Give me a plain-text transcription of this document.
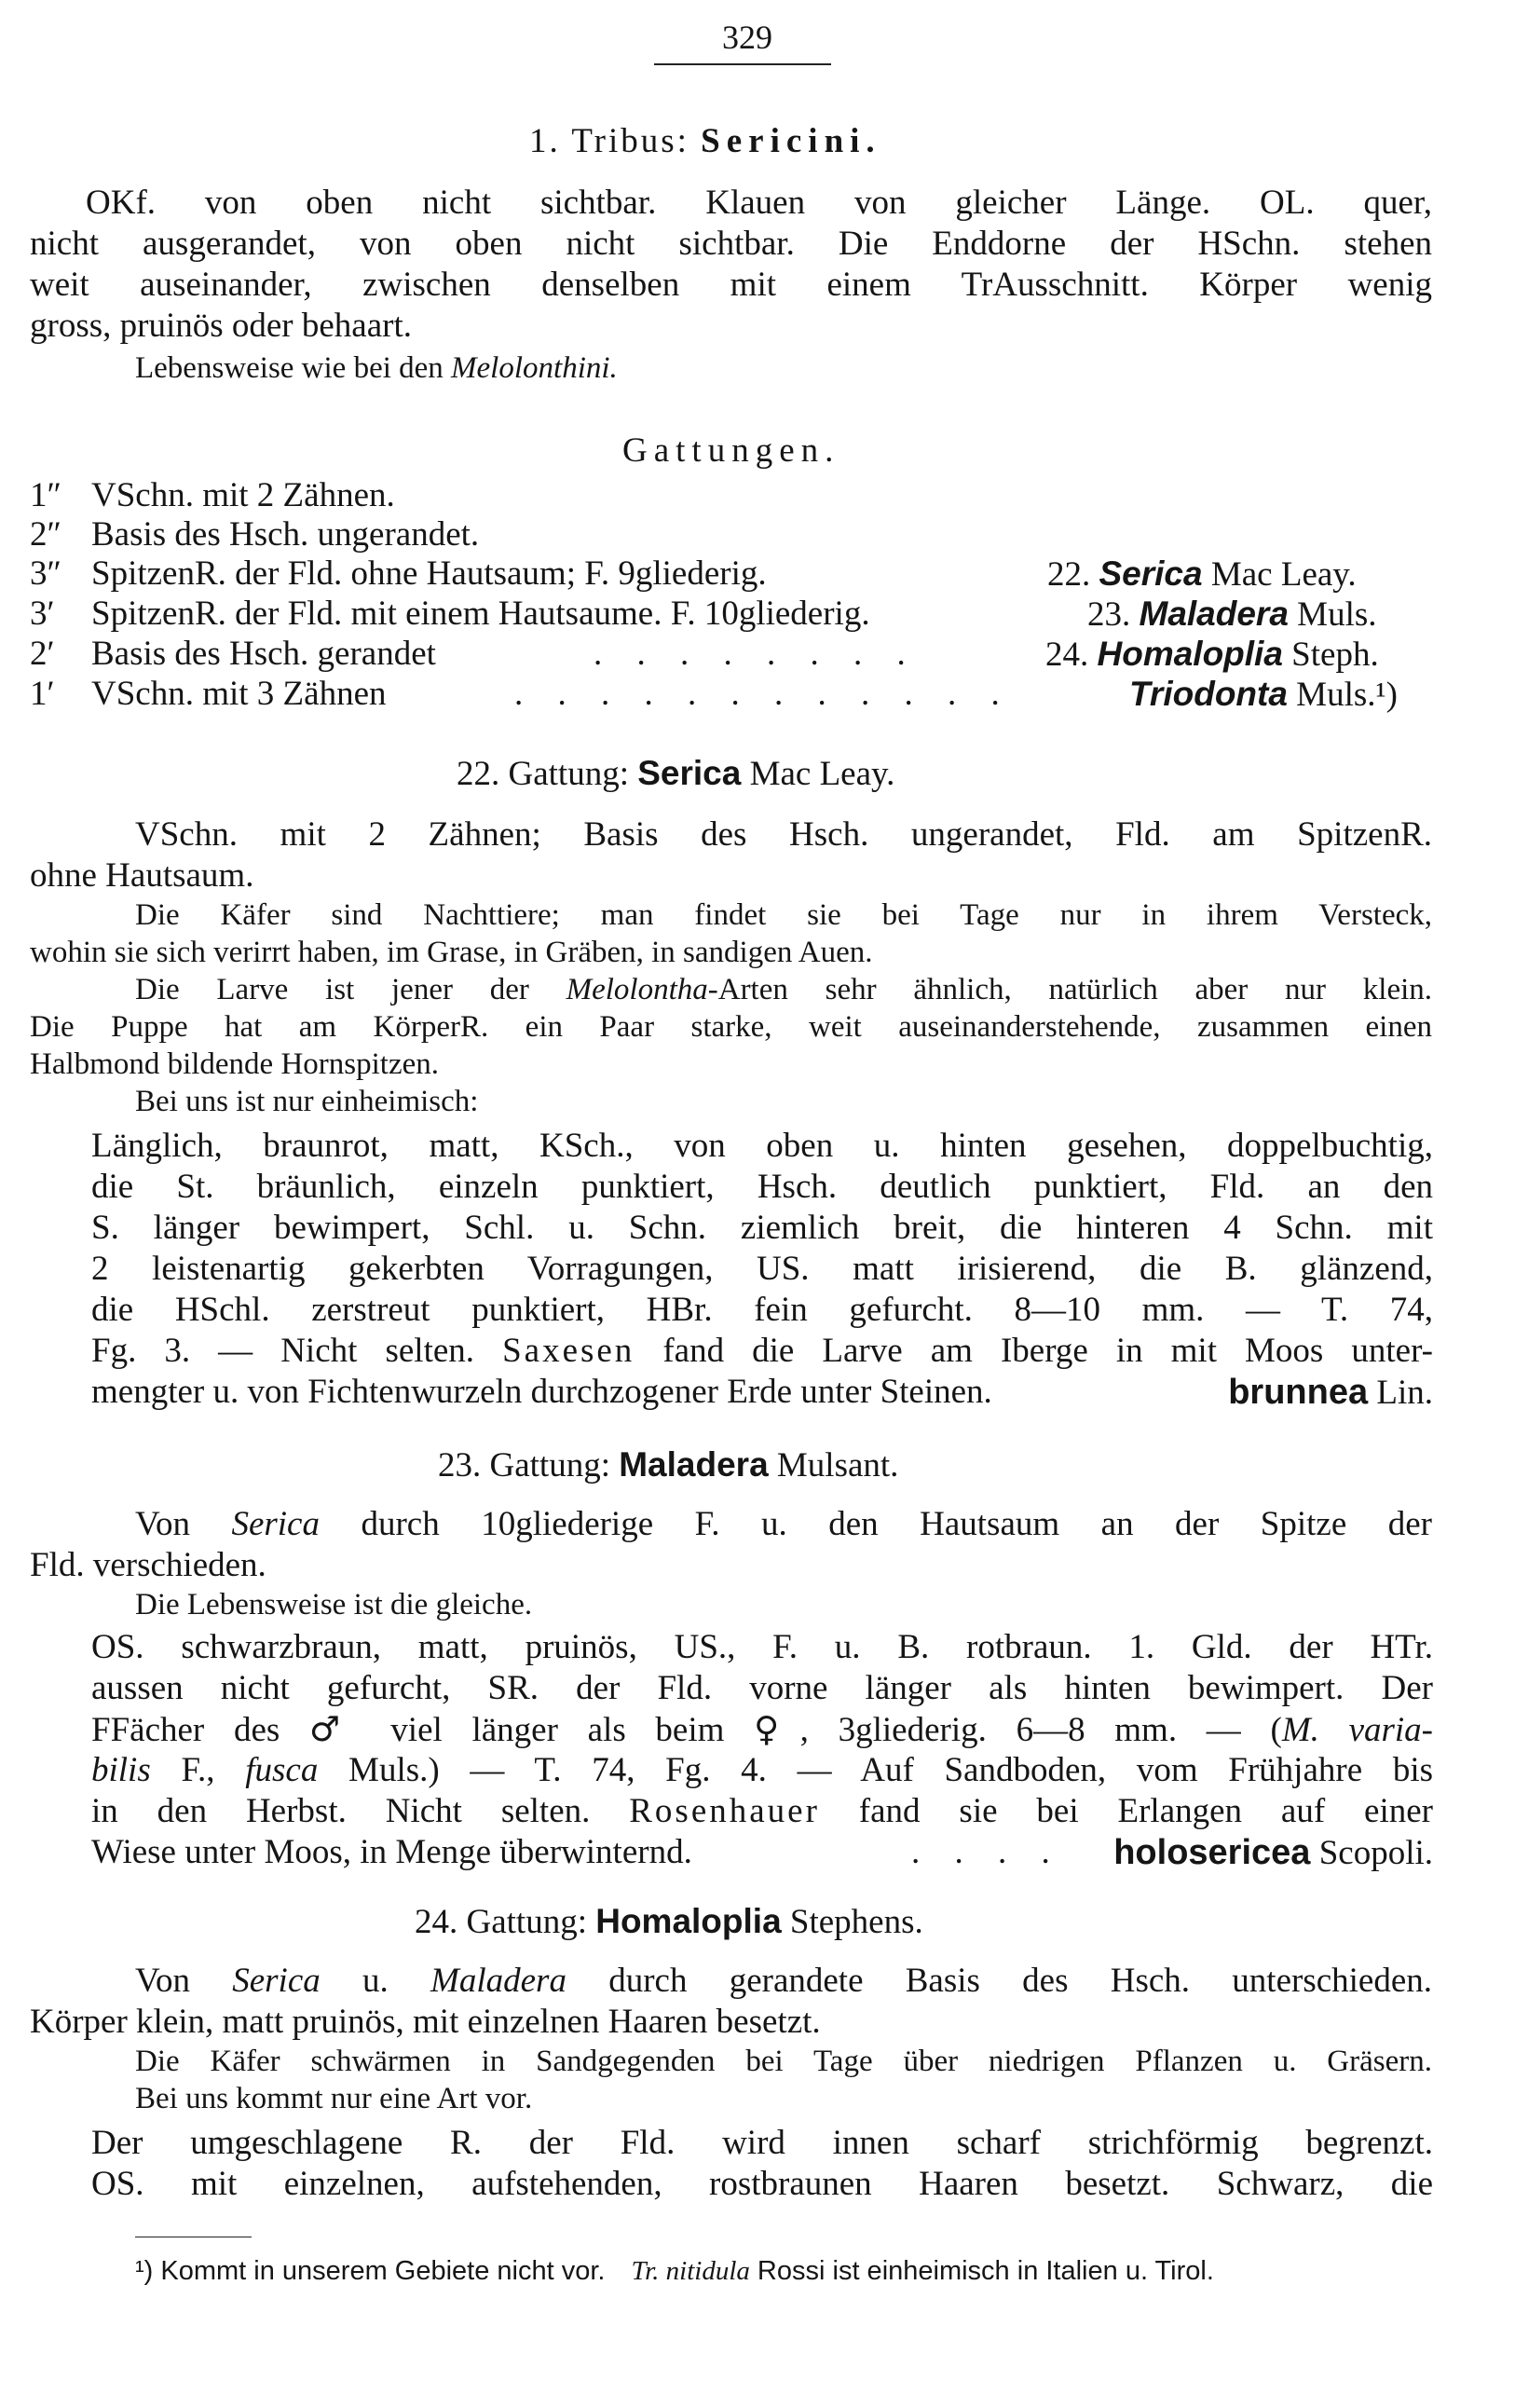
329
1. Tribus: Sericini.
OKf. von oben nicht sichtbar. Klauen von gleicher Länge. OL. quer,
nicht ausgerandet, von oben nicht sichtbar. Die Enddorne der HSchn. stehen
weit auseinander, zwischen denselben mit einem TrAusschnitt. Körper wenig
gross, pruinös oder behaart.
Lebensweise wie bei den Melolonthini.
Gattungen.
1″ VSchn. mit 2 Zähnen.
2″ Basis des Hsch. ungerandet.
3″ SpitzenR. der Fld. ohne Hautsaum; F. 9gliederig.	22. Serica Mac Leay.
3′ SpitzenR. der Fld. mit einem Hautsaume. F. 10gliederig.	23. Maladera Muls.
2′ Basis des Hsch. gerandet	. . . . . . . .	24. Homaloplia Steph.
1′ VSchn. mit 3 Zähnen	. . . . . . . . . . . .	Triodonta Muls.¹)
22. Gattung: Serica Mac Leay.
VSchn. mit 2 Zähnen; Basis des Hsch. ungerandet, Fld. am SpitzenR.
ohne Hautsaum.
Die Käfer sind Nachttiere; man findet sie bei Tage nur in ihrem Versteck,
wohin sie sich verirrt haben, im Grase, in Gräben, in sandigen Auen.
Die Larve ist jener der Melolontha-Arten sehr ähnlich, natürlich aber nur klein.
Die Puppe hat am KörperR. ein Paar starke, weit auseinanderstehende, zusammen einen
Halbmond bildende Hornspitzen.
Bei uns ist nur einheimisch:
Länglich, braunrot, matt, KSch., von oben u. hinten gesehen, doppelbuchtig,
die St. bräunlich, einzeln punktiert, Hsch. deutlich punktiert, Fld. an den
S. länger bewimpert, Schl. u. Schn. ziemlich breit, die hinteren 4 Schn. mit
2 leistenartig gekerbten Vorragungen, US. matt irisierend, die B. glänzend,
die HSchl. zerstreut punktiert, HBr. fein gefurcht. 8—10 mm. — T. 74,
Fg. 3. — Nicht selten. Saxesen fand die Larve am Iberge in mit Moos unter-
mengter u. von Fichtenwurzeln durchzogener Erde unter Steinen.	brunnea Lin.
23. Gattung: Maladera Mulsant.
Von Serica durch 10gliederige F. u. den Hautsaum an der Spitze der
Fld. verschieden.
Die Lebensweise ist die gleiche.
OS. schwarzbraun, matt, pruinös, US., F. u. B. rotbraun. 1. Gld. der HTr.
aussen nicht gefurcht, SR. der Fld. vorne länger als hinten bewimpert. Der
FFächer des ♂ viel länger als beim ♀, 3gliederig. 6—8 mm. — (M. varia-
bilis F., fusca Muls.) — T. 74, Fg. 4. — Auf Sandboden, vom Frühjahre bis
in den Herbst. Nicht selten. Rosenhauer fand sie bei Erlangen auf einer
Wiese unter Moos, in Menge überwinternd.	. . . . holosericea Scopoli.
24. Gattung: Homaloplia Stephens.
Von Serica u. Maladera durch gerandete Basis des Hsch. unterschieden.
Körper klein, matt pruinös, mit einzelnen Haaren besetzt.
Die Käfer schwärmen in Sandgegenden bei Tage über niedrigen Pflanzen u. Gräsern.
Bei uns kommt nur eine Art vor.
Der umgeschlagene R. der Fld. wird innen scharf strichförmig begrenzt.
OS. mit einzelnen, aufstehenden, rostbraunen Haaren besetzt. Schwarz, die
¹) Kommt in unserem Gebiete nicht vor. Tr. nitidula Rossi ist einheimisch in Italien u. Tirol.
